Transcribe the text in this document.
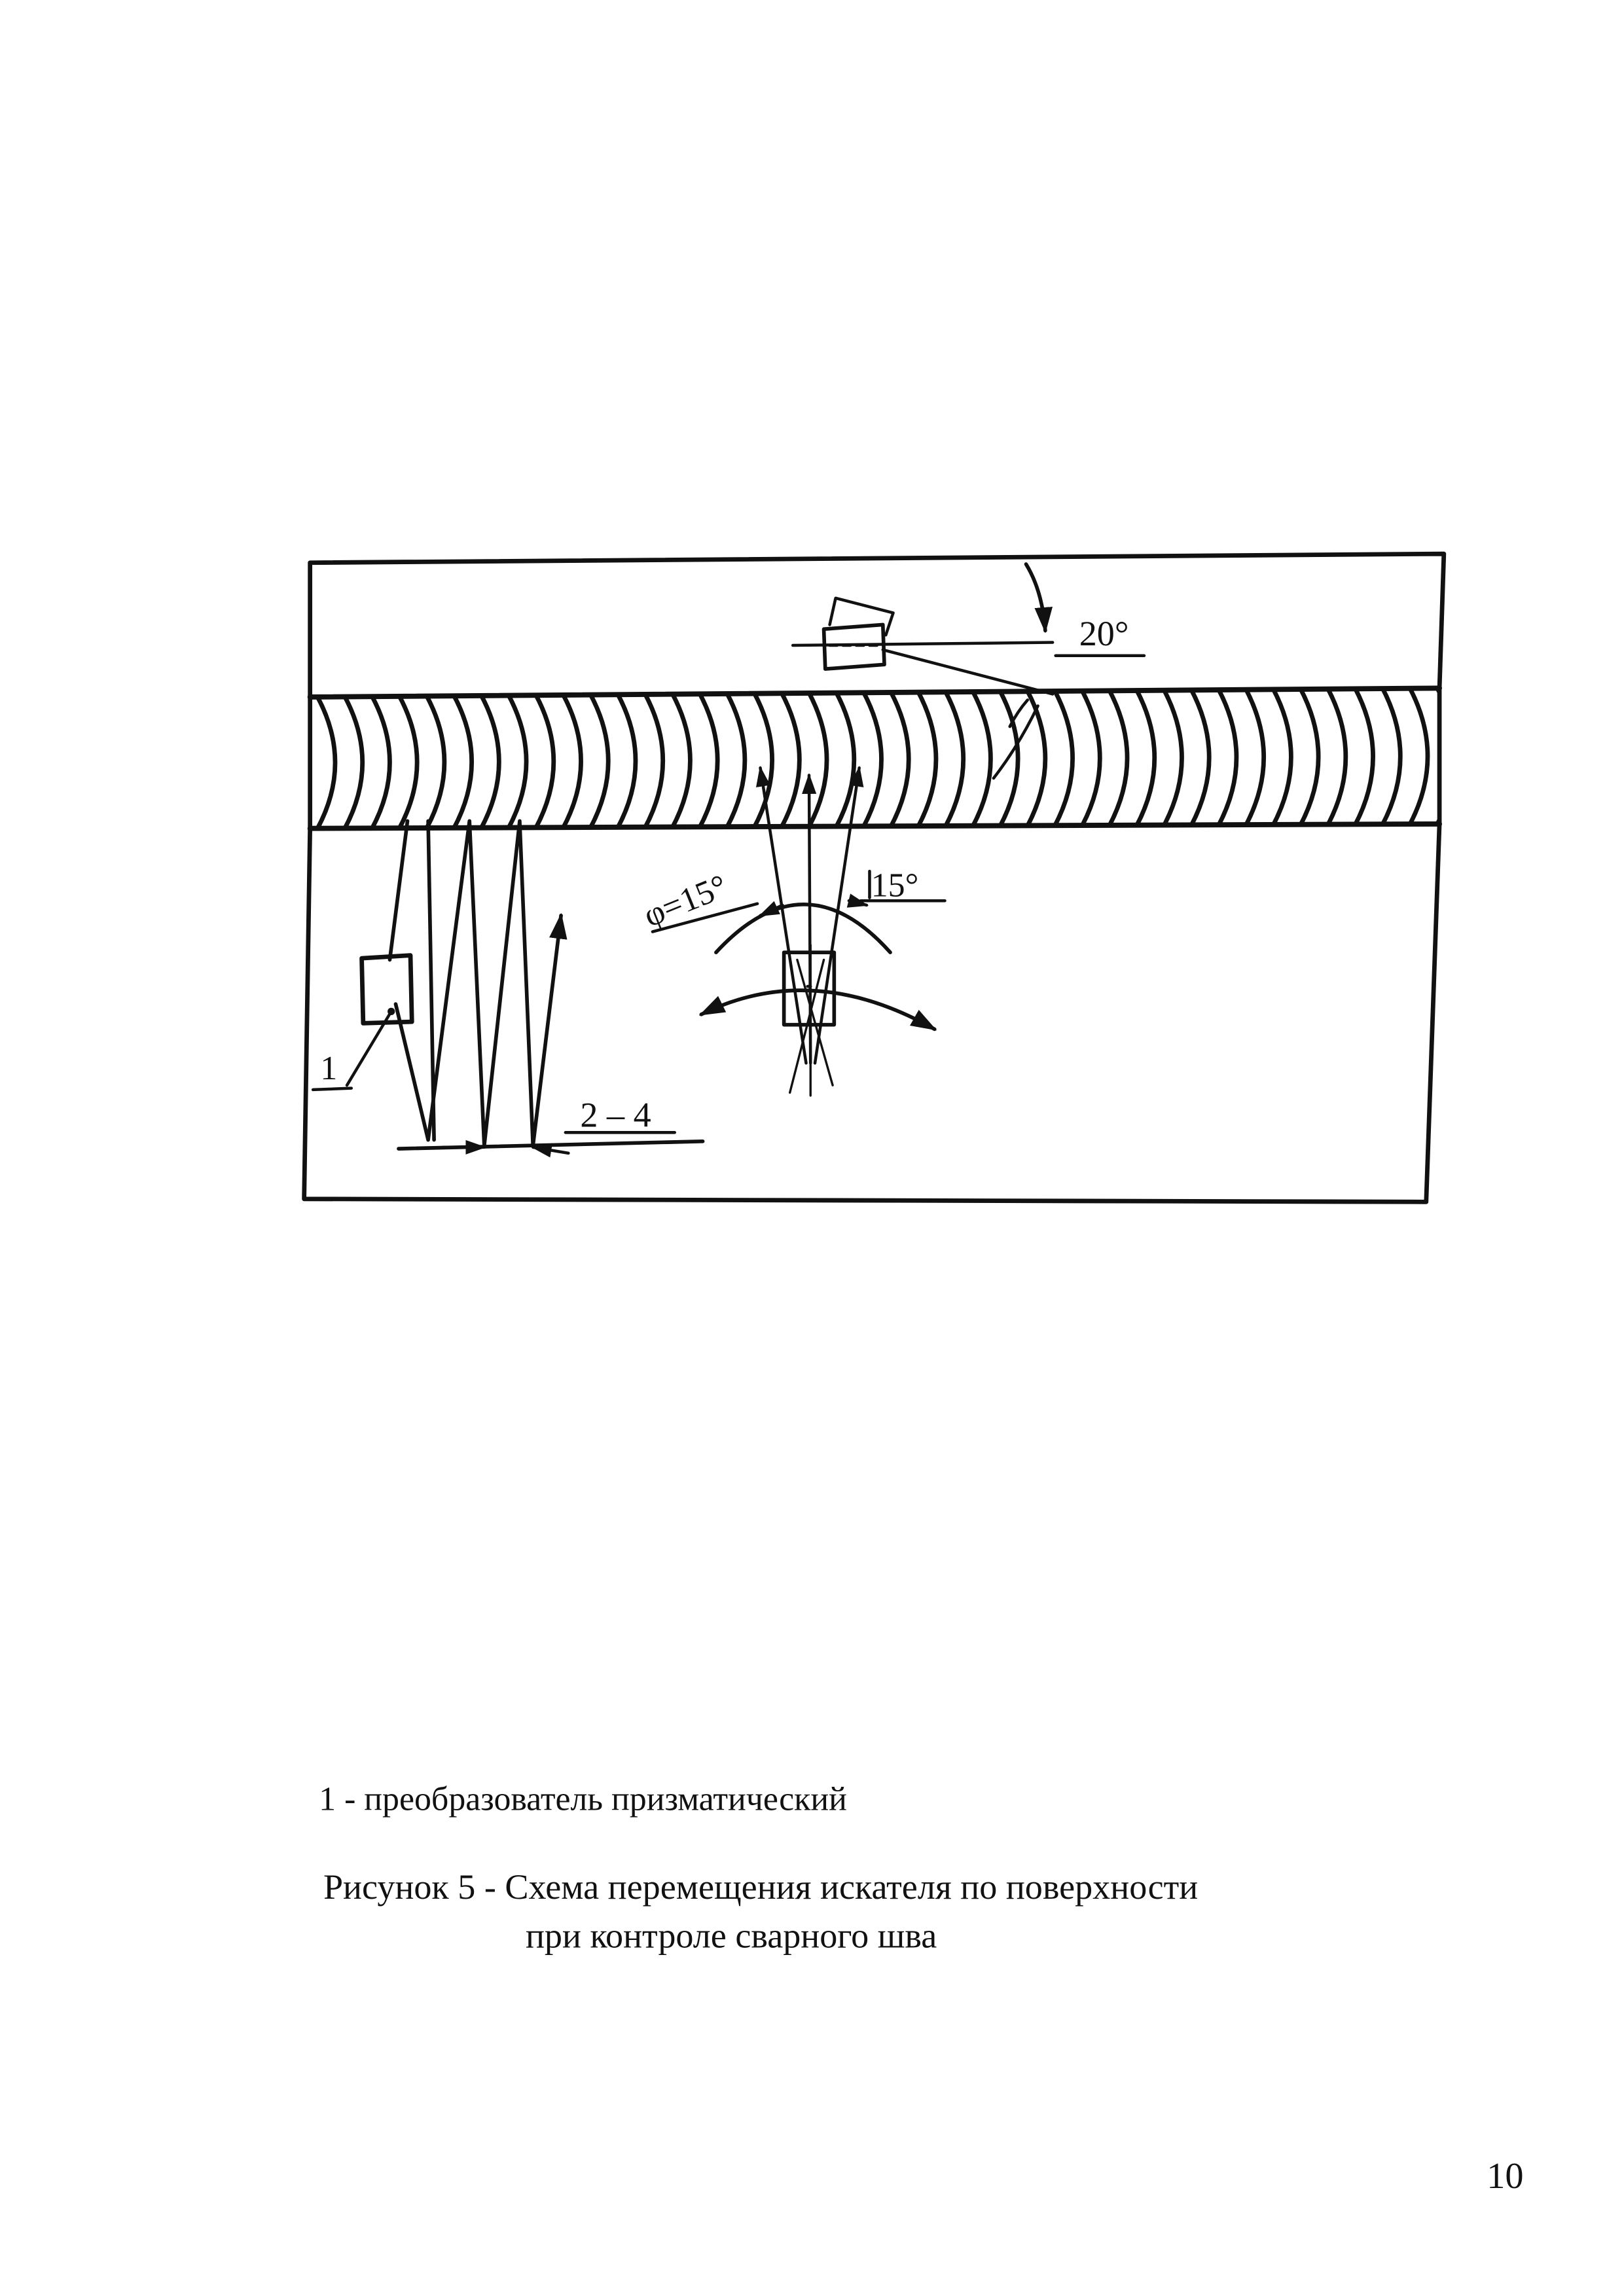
20°
φ=15°	15°
1
2 – 4
1 - преобразователь призматический
Рисунок 5 - Схема перемещения искателя по поверхности
при контроле сварного шва
10
